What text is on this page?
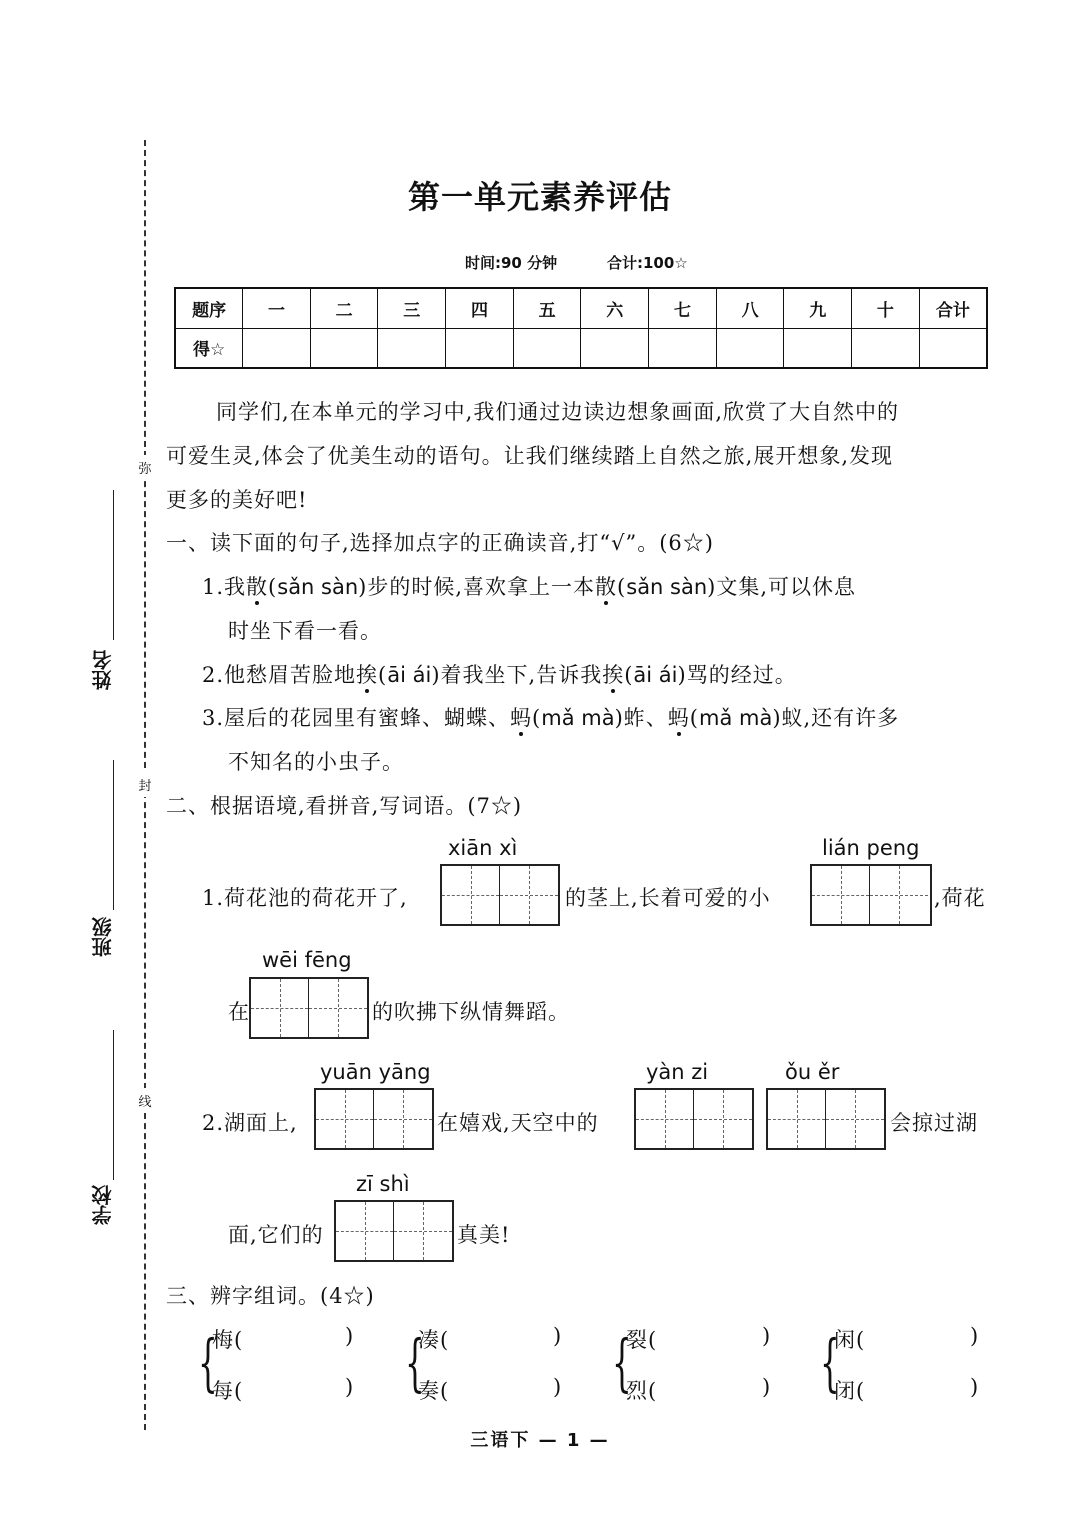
弥
封
线
姓名
班级
学校
第一单元素养评估
时间:90 分钟	合计:100☆
题序	一	二	三	四	五	六	七	八	九	十	合计
得☆											
同学们,在本单元的学习中,我们通过边读边想象画面,欣赏了大自然中的
可爱生灵,体会了优美生动的语句。让我们继续踏上自然之旅,展开想象,发现
更多的美好吧!
一、读下面的句子,选择加点字的正确读音,打“√”。(6☆)
1.我散(sǎn sàn)步的时候,喜欢拿上一本散(sǎn sàn)文集,可以休息
时坐下看一看。
2.他愁眉苦脸地挨(āi ái)着我坐下,告诉我挨(āi ái)骂的经过。
3.屋后的花园里有蜜蜂、蝴蝶、蚂(mǎ mà)蚱、蚂(mǎ mà)蚁,还有许多
不知名的小虫子。
二、根据语境,看拼音,写词语。(7☆)
xiān xì	lián peng
1.荷花池的荷花开了,	的茎上,长着可爱的小	,荷花
wēi fēng
在	的吹拂下纵情舞蹈。
yuān yāng	yàn zi	ǒu ěr
2.湖面上,	在嬉戏,天空中的	会掠过湖
zī shì
面,它们的	真美!
三、辨字组词。(4☆)
{
梅(	)
每(	) {
凑(	)
奏(	) {
裂(	)
烈(	) {
闲(	)
闭(	)
三语下 — 1 —
